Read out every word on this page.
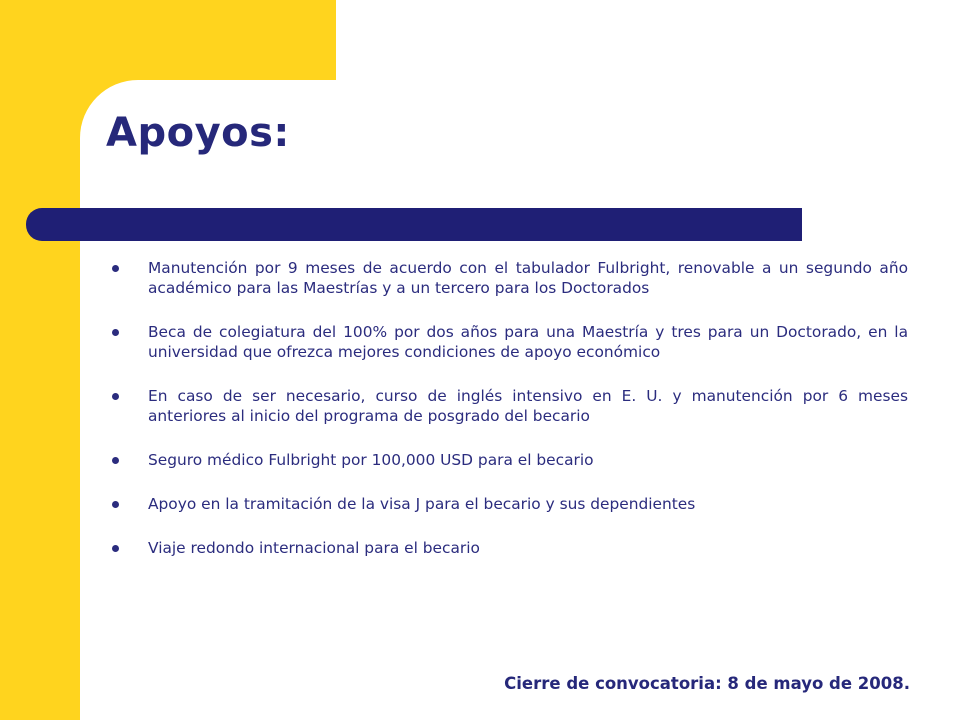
Apoyos:
Manutención por 9 meses de acuerdo con el tabulador Fulbright, renovable a un segundo año académico para las Maestrías y a un tercero para los Doctorados
Beca de colegiatura del 100% por dos años para una Maestría y tres para un Doctorado, en la universidad que ofrezca mejores condiciones de apoyo económico
En caso de ser necesario, curso de inglés intensivo en E. U. y manutención por 6 meses anteriores al inicio del programa de posgrado del becario
Seguro médico Fulbright por 100,000 USD para el becario
Apoyo en la tramitación de la visa J para el becario y sus dependientes
Viaje redondo internacional para el becario

Cierre de convocatoria: 8 de mayo de 2008.
